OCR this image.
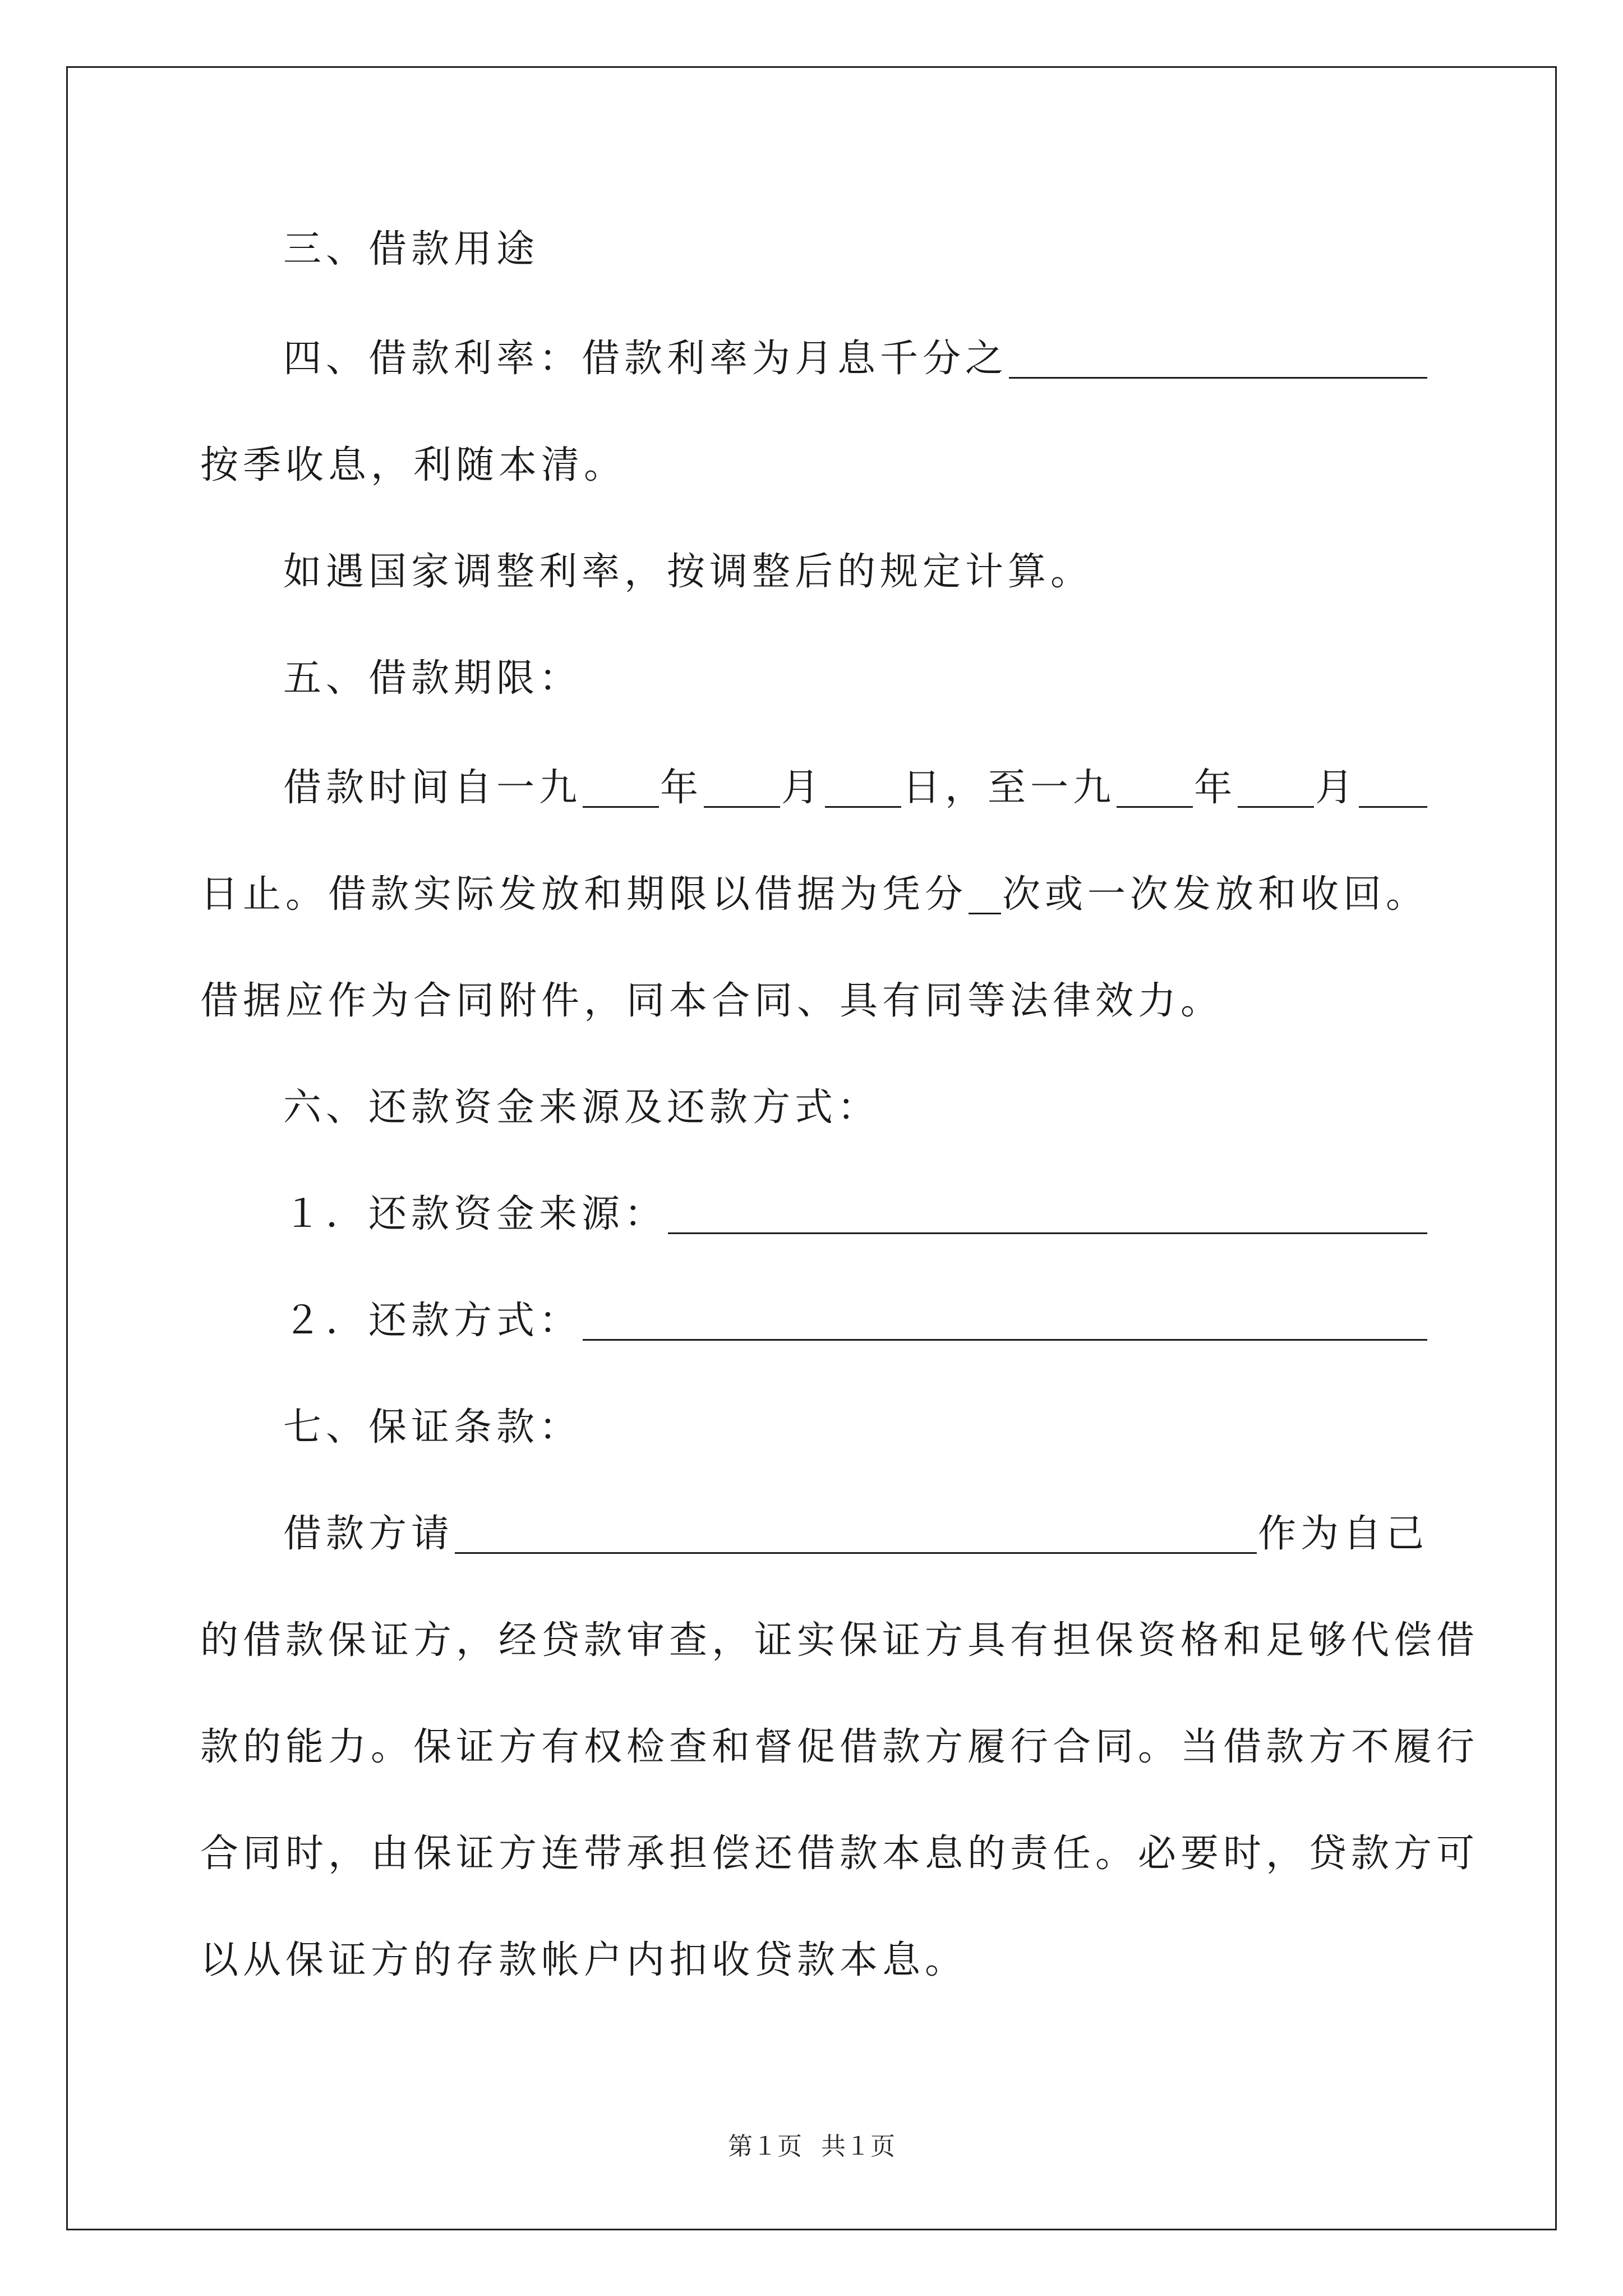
三、借款用途
四、借款利率：借款利率为月息千分之
按季收息，利随本清。
如遇国家调整利率，按调整后的规定计算。
五、借款期限：
借款时间自一九 年 月 日，至一九 年 月
日止。借款实际发放和期限以借据为凭分 次或一次发放和收回。
借据应作为合同附件，同本合同、具有同等法律效力。
六、还款资金来源及还款方式：
１．还款资金来源：
２．还款方式：
七、保证条款：
借款方请	作为自己
的借款保证方，经贷款审查，证实保证方具有担保资格和足够代偿借
款的能力。保证方有权检查和督促借款方履行合同。当借款方不履行
合同时，由保证方连带承担偿还借款本息的责任。必要时，贷款方可
以从保证方的存款帐户内扣收贷款本息。
第１页 共１页
